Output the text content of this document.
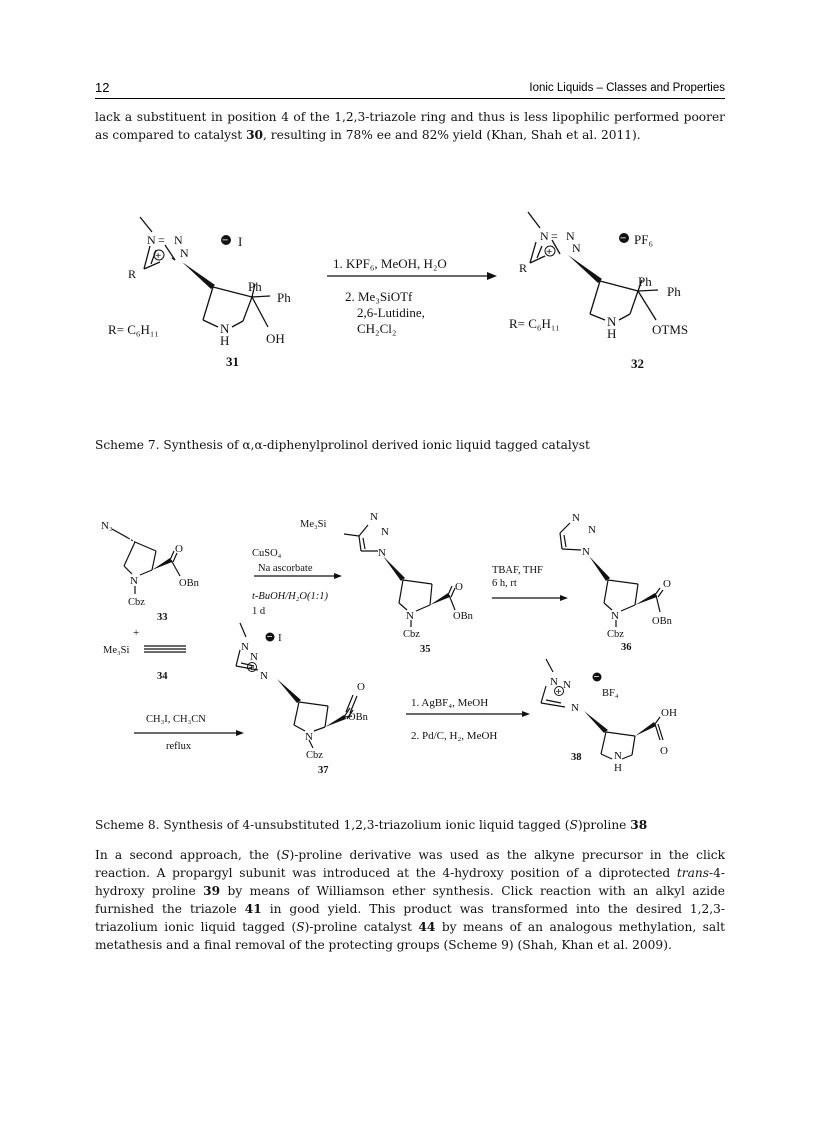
12	Ionic Liquids – Classes and Properties

lack a substituent in position 4 of the 1,2,3-triazole ring and thus is less lipophilic performed poorer as compared to catalyst 30, resulting in 78% ee and 82% yield (Khan, Shah et al. 2011).

N = N
N
R
+
− I
Ph
Ph
N
H	OH
R= C₆H₁₁
31
1. KPF₆, MeOH, H₂O
2. Me₃SiOTf
2,6-Lutidine,
CH₂Cl₂
N = N
N
R
+
− PF₆
Ph
Ph
N
H	OTMS
R= C₆H₁₁
32
Scheme 7. Synthesis of α,α-diphenylprolinol derived ionic liquid tagged catalyst
N₃
O
N	OBn
Cbz
33
+
Me₃Si
34
CuSO₄
Na ascorbate
t-BuOH/H₂O(1:1)
1 d
Me₃Si
N
N
N
O
N	OBn
Cbz
35
TBAF, THF
6 h, rt
N
N
N
O
N	OBn
Cbz
36
CH₃I, CH₃CN
reflux
N
N
N
+
− I
O
N
OBn
Cbz
37
1. AgBF₄, MeOH
2. Pd/C, H₂, MeOH
N N
N
+
−
BF₄
OH
O
N
H
38
Scheme 8. Synthesis of 4-unsubstituted 1,2,3-triazolium ionic liquid tagged (S)proline 38

In a second approach, the (S)-proline derivative was used as the alkyne precursor in the click reaction. A propargyl subunit was introduced at the 4-hydroxy position of a diprotected trans-4-hydroxy proline 39 by means of Williamson ether synthesis. Click reaction with an alkyl azide furnished the triazole 41 in good yield. This product was transformed into the desired 1,2,3-triazolium ionic liquid tagged (S)-proline catalyst 44 by means of an analogous methylation, salt metathesis and a final removal of the protecting groups (Scheme 9) (Shah, Khan et al. 2009).
